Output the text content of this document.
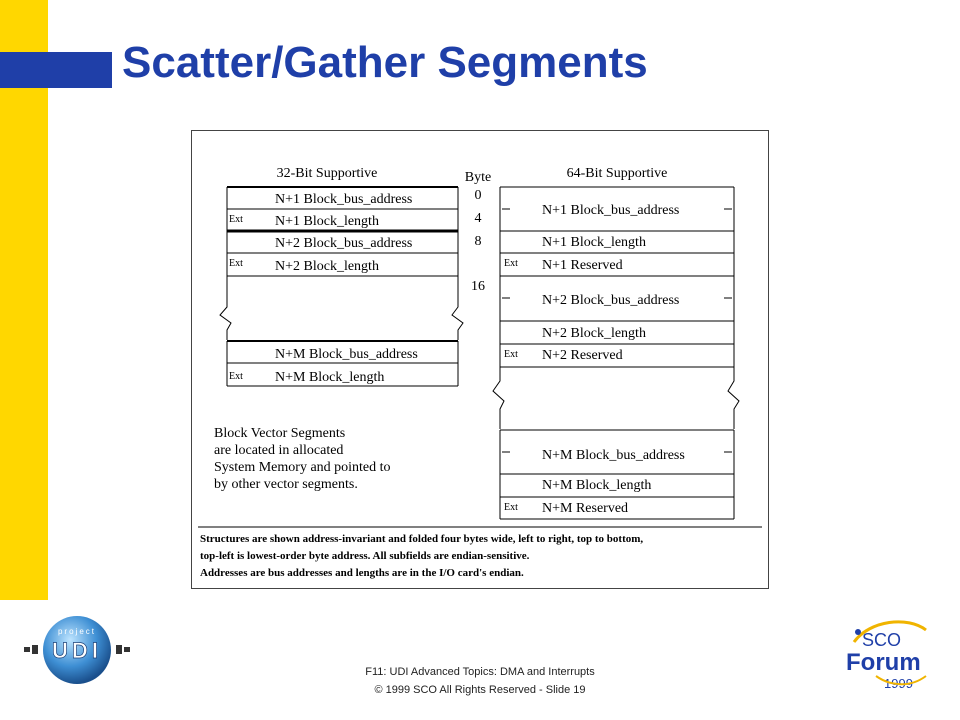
Scatter/Gather Segments
32-Bit Supportive	64-Bit Supportive
Byte
0
4
8
16
N+1 Block_bus_address
N+1 Block_length
N+2 Block_bus_address
N+2 Block_length
N+M Block_bus_address
N+M Block_length
Ext
Ext
Ext
N+1 Block_bus_address
N+1 Block_length
N+1 Reserved
N+2 Block_bus_address
N+2 Block_length
N+2 Reserved
N+M Block_bus_address
N+M Block_length
N+M Reserved
Ext
Ext
Ext
Block Vector Segments
are located in allocated
System Memory and pointed to
by other vector segments.
Structures are shown address-invariant and folded four bytes wide, left to right, top to bottom,
top-left is lowest-order byte address. All subfields are endian-sensitive.
Addresses are bus addresses and lengths are in the I/O card's endian.
project
UDI	SCO
Forum
1999
F11: UDI Advanced Topics: DMA and Interrupts
© 1999 SCO All Rights Reserved - Slide 19
